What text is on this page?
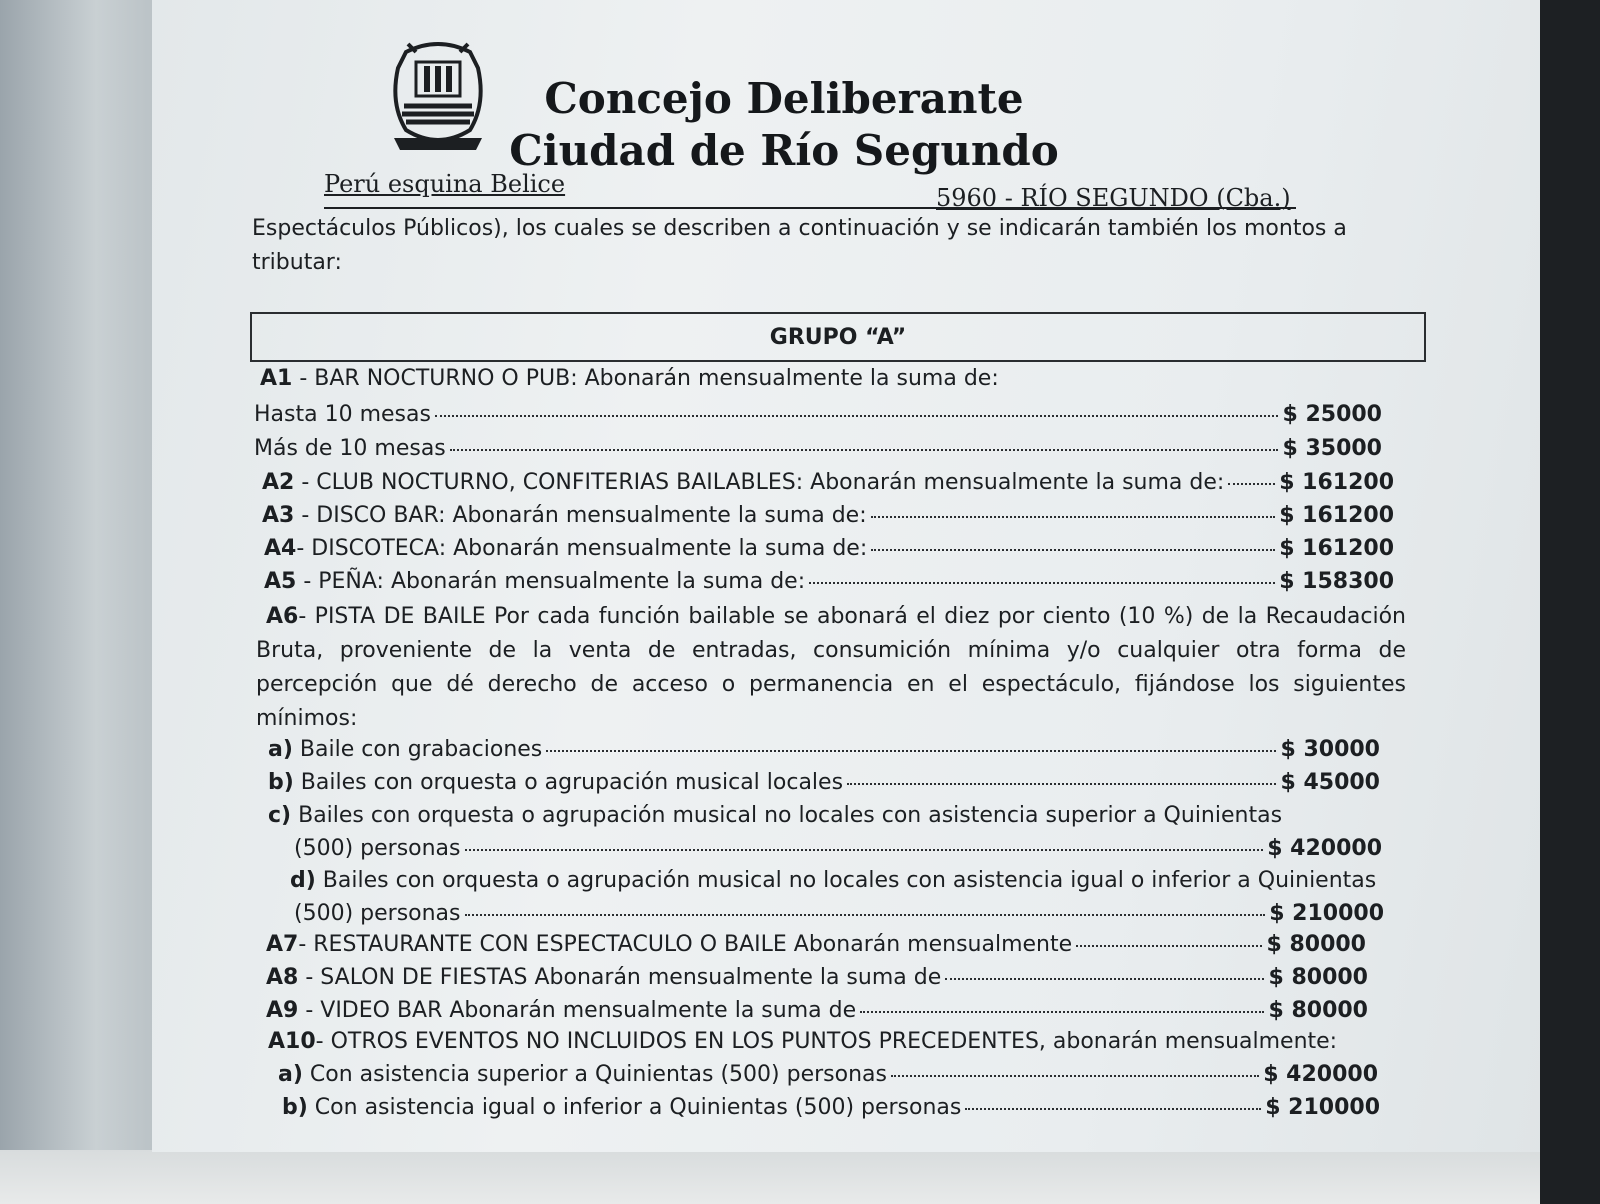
Concejo Deliberante
Ciudad de Río Segundo
Perú esquina Belice	5960 - RÍO SEGUNDO (Cba.)
Espectáculos Públicos), los cuales se describen a continuación y se indicarán también los montos a tributar:
GRUPO “A”
A1 - BAR NOCTURNO O PUB: Abonarán mensualmente la suma de:
Hasta 10 mesas	$ 25000
Más de 10 mesas	$ 35000
A2 - CLUB NOCTURNO, CONFITERIAS BAILABLES: Abonarán mensualmente la suma de: $ 161200
A3 - DISCO BAR: Abonarán mensualmente la suma de:	$ 161200
A4- DISCOTECA: Abonarán mensualmente la suma de:	$ 161200
A5 - PEÑA: Abonarán mensualmente la suma de:	$ 158300
A6- PISTA DE BAILE Por cada función bailable se abonará el diez por ciento (10 %) de la Recaudación Bruta, proveniente de la venta de entradas, consumición mínima y/o cualquier otra forma de percepción que dé derecho de acceso o permanencia en el espectáculo, fijándose los siguientes mínimos:
a) Baile con grabaciones	$ 30000
b) Bailes con orquesta o agrupación musical locales	$ 45000
c) Bailes con orquesta o agrupación musical no locales con asistencia superior a Quinientas
(500) personas	$ 420000
d) Bailes con orquesta o agrupación musical no locales con asistencia igual o inferior a Quinientas
(500) personas	$ 210000
A7- RESTAURANTE CON ESPECTACULO O BAILE Abonarán mensualmente	$ 80000
A8 - SALON DE FIESTAS Abonarán mensualmente la suma de	$ 80000
A9 - VIDEO BAR Abonarán mensualmente la suma de	$ 80000
A10- OTROS EVENTOS NO INCLUIDOS EN LOS PUNTOS PRECEDENTES, abonarán mensualmente:
a) Con asistencia superior a Quinientas (500) personas	$ 420000
b) Con asistencia igual o inferior a Quinientas (500) personas	$ 210000
